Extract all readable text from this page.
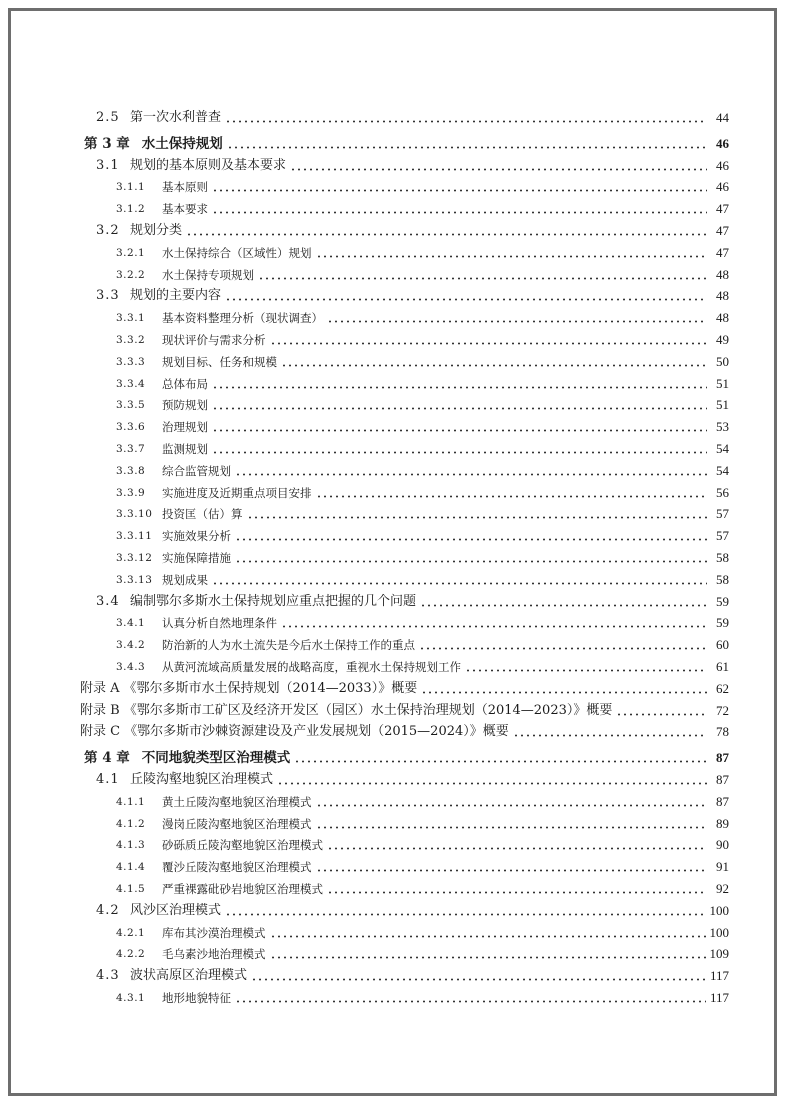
2.5 第一次水利普查	44
第 3 章 水土保持规划	46
3.1 规划的基本原则及基本要求	46
3.1.1	基本原则	46
3.1.2	基本要求	47
3.2 规划分类	47
3.2.1	水土保持综合（区域性）规划	47
3.2.2	水土保持专项规划	48
3.3 规划的主要内容	48
3.3.1	基本资料整理分析（现状调查）	48
3.3.2	现状评价与需求分析	49
3.3.3	规划目标、任务和规模	50
3.3.4	总体布局	51
3.3.5	预防规划	51
3.3.6	治理规划	53
3.3.7	监测规划	54
3.3.8	综合监管规划	54
3.3.9	实施进度及近期重点项目安排	56
3.3.10 投资匡（估）算	57
3.3.11 实施效果分析	57
3.3.12 实施保障措施	58
3.3.13 规划成果	58
3.4 编制鄂尔多斯水土保持规划应重点把握的几个问题	59
3.4.1	认真分析自然地理条件	59
3.4.2	防治新的人为水土流失是今后水土保持工作的重点	60
3.4.3	从黄河流域高质量发展的战略高度，重视水土保持规划工作	61
附录 A 《鄂尔多斯市水土保持规划（2014—2033）》概要	62
附录 B 《鄂尔多斯市工矿区及经济开发区（园区）水土保持治理规划（2014—2023）》概要	72
附录 C 《鄂尔多斯市沙棘资源建设及产业发展规划（2015—2024）》概要	78
第 4 章 不同地貌类型区治理模式	87
4.1 丘陵沟壑地貌区治理模式	87
4.1.1	黄土丘陵沟壑地貌区治理模式	87
4.1.2	漫岗丘陵沟壑地貌区治理模式	89
4.1.3	砂砾质丘陵沟壑地貌区治理模式	90
4.1.4	覆沙丘陵沟壑地貌区治理模式	91
4.1.5	严重裸露砒砂岩地貌区治理模式	92
4.2 风沙区治理模式	100
4.2.1	库布其沙漠治理模式	100
4.2.2	毛乌素沙地治理模式	109
4.3 波状高原区治理模式	117
4.3.1	地形地貌特征	117
